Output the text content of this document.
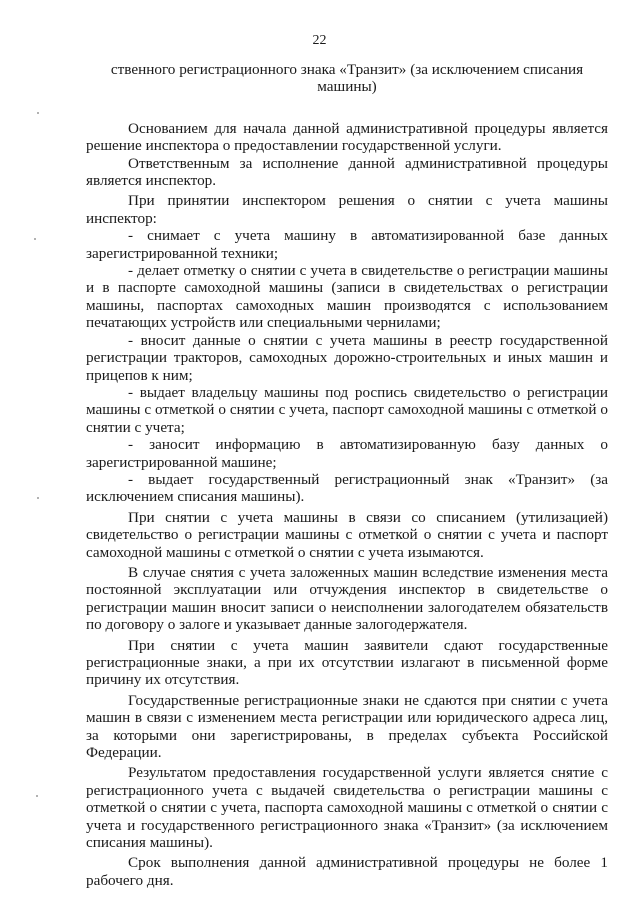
22

ственного регистрационного знака «Транзит» (за исключением списания машины)

Основанием для начала данной административной процедуры является решение инспектора о предоставлении государственной услуги.

Ответственным за исполнение данной административной процедуры является инспектор.

При принятии инспектором решения о снятии с учета машины инспектор:

- снимает с учета машину в автоматизированной базе данных зарегистрированной техники;

- делает отметку о снятии с учета в свидетельстве о регистрации машины и в паспорте самоходной машины (записи в свидетельствах о регистрации машины, паспортах самоходных машин производятся с использованием печатающих устройств или специальными чернилами;

- вносит данные о снятии с учета машины в реестр государственной регистрации тракторов, самоходных дорожно-строительных и иных машин и прицепов к ним;

- выдает владельцу машины под роспись свидетельство о регистрации машины с отметкой о снятии с учета, паспорт самоходной машины с отметкой о снятии с учета;

- заносит информацию в автоматизированную базу данных о зарегистрированной машине;

- выдает государственный регистрационный знак «Транзит» (за исключением списания машины).

При снятии с учета машины в связи со списанием (утилизацией) свидетельство о регистрации машины с отметкой о снятии с учета и паспорт самоходной машины с отметкой о снятии с учета изымаются.

В случае снятия с учета заложенных машин вследствие изменения места постоянной эксплуатации или отчуждения инспектор в свидетельстве о регистрации машин вносит записи о неисполнении залогодателем обязательств по договору о залоге и указывает данные залогодержателя.

При снятии с учета машин заявители сдают государственные регистрационные знаки, а при их отсутствии излагают в письменной форме причину их отсутствия.

Государственные регистрационные знаки не сдаются при снятии с учета машин в связи с изменением места регистрации или юридического адреса лиц, за которыми они зарегистрированы, в пределах субъекта Российской Федерации.

Результатом предоставления государственной услуги является снятие с регистрационного учета с выдачей свидетельства о регистрации машины с отметкой о снятии с учета, паспорта самоходной машины с отметкой о снятии с учета и государственного регистрационного знака «Транзит» (за исключением списания машины).

Срок выполнения данной административной процедуры не более 1 рабочего дня.
